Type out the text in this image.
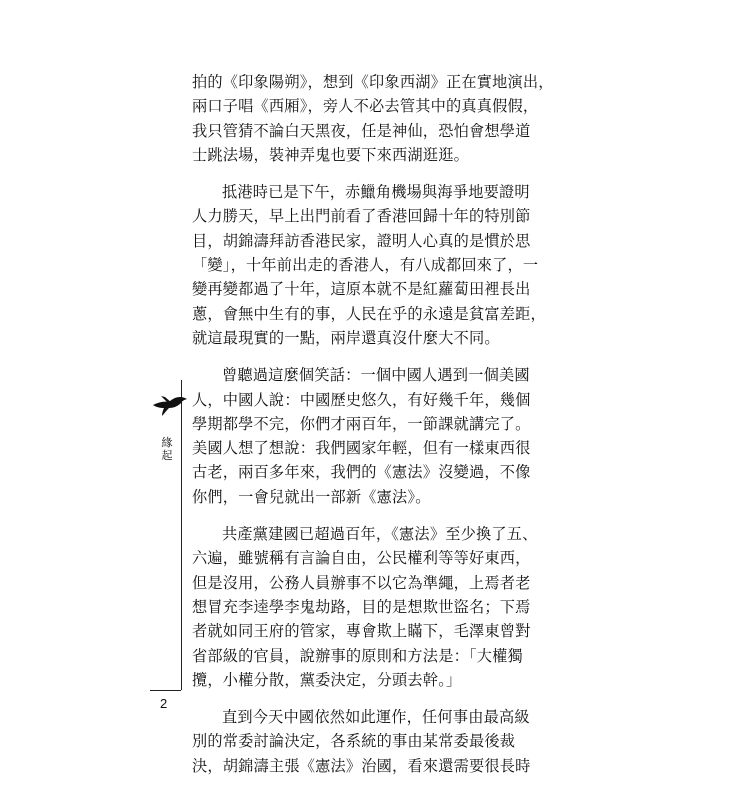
拍的《印象陽朔》，想到《印象西湖》正在實地演出，
兩口子唱《西厢》，旁人不必去管其中的真真假假，
我只管猜不論白天黑夜，任是神仙，恐怕會想學道
士跳法場，裝神弄鬼也要下來西湖逛逛。
抵港時已是下午，赤鱲角機場與海爭地要證明
人力勝天，早上出門前看了香港回歸十年的特別節
目，胡錦濤拜訪香港民家，證明人心真的是慣於思
「變」，十年前出走的香港人，有八成都回來了，一
變再變都過了十年，這原本就不是紅蘿蔔田裡長出
蔥，會無中生有的事，人民在乎的永遠是貧富差距，
就這最現實的一點，兩岸還真沒什麼大不同。
曾聽過這麼個笑話：一個中國人遇到一個美國
人，中國人說：中國歷史悠久，有好幾千年，幾個
學期都學不完，你們才兩百年，一節課就講完了。
美國人想了想說：我們國家年輕，但有一樣東西很
古老，兩百多年來，我們的《憲法》沒變過，不像
你們，一會兒就出一部新《憲法》。
共產黨建國已超過百年，《憲法》至少換了五、
六遍，雖號稱有言論自由，公民權利等等好東西，
但是沒用，公務人員辦事不以它為準繩，上焉者老
想冒充李逵學李鬼劫路，目的是想欺世盜名；下焉
者就如同王府的管家，專會欺上瞞下，毛澤東曾對
省部級的官員，說辦事的原則和方法是：「大權獨
攬，小權分散，黨委決定，分頭去幹。」
直到今天中國依然如此運作，任何事由最高級
別的常委討論決定，各系統的事由某常委最後裁
決，胡錦濤主張《憲法》治國，看來還需要很長時
緣
起
2
